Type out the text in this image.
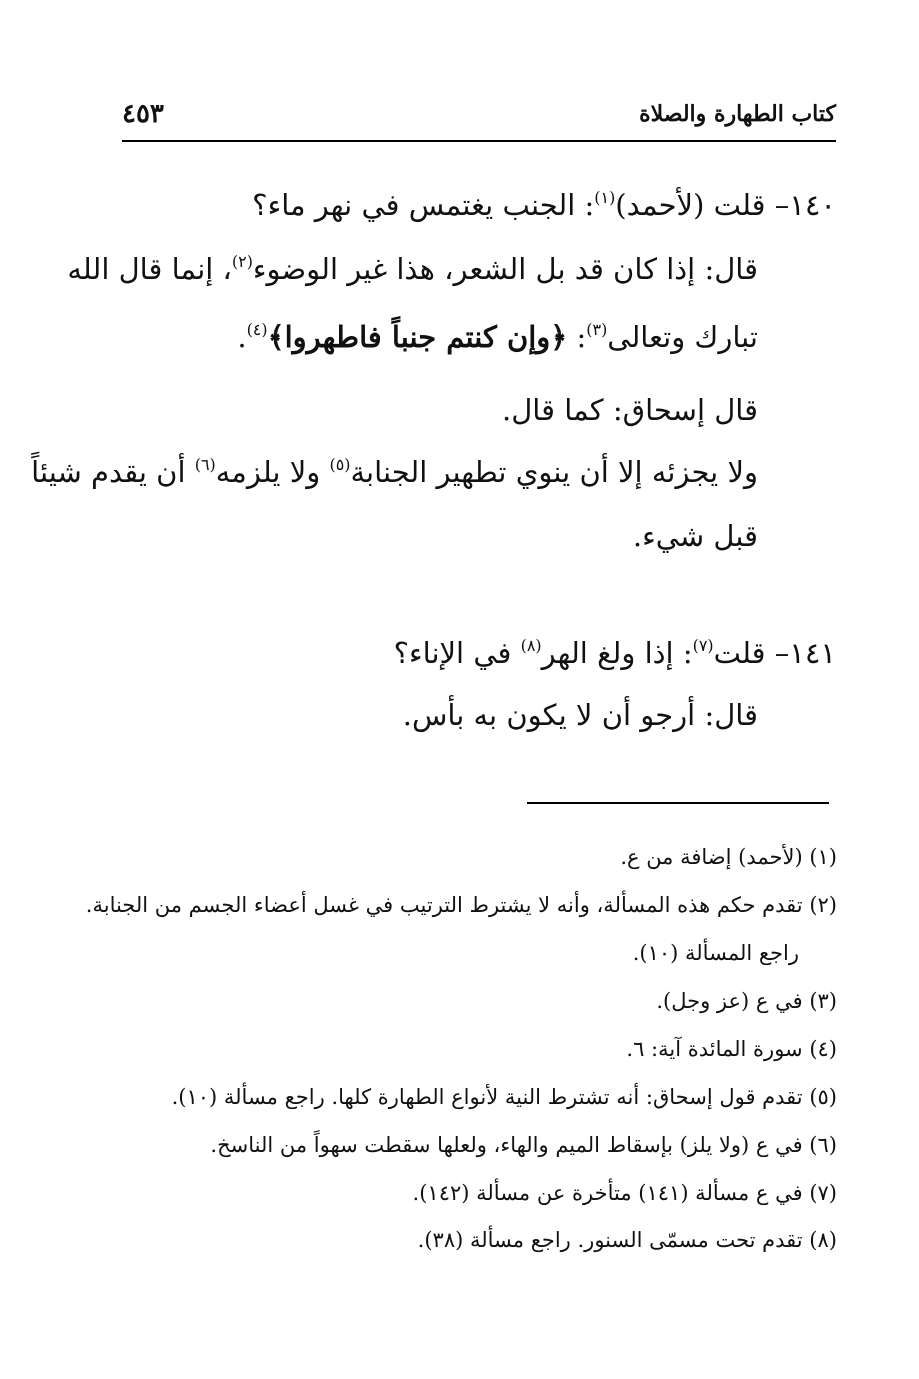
كتاب الطهارة والصلاة
٤٥٣
١٤٠– قلت (لأحمد)$^{(١)}$: الجنب يغتمس في نهر ماء؟
قال: إذا كان قد بل الشعر، هذا غير الوضوء$^{(٢)}$، إنما قال الله
تبارك وتعالى$^{(٣)}$: ﴿وإن كنتم جنباً فاطهروا﴾$^{(٤)}$.
قال إسحاق: كما قال.
ولا يجزئه إلا أن ينوي تطهير الجنابة$^{(٥)}$ ولا يلزمه$^{(٦)}$ أن يقدم شيئاً
قبل شيء.
١٤١– قلت$^{(٧)}$: إذا ولغ الهر$^{(٨)}$ في الإناء؟
قال: أرجو أن لا يكون به بأس.
(١) (لأحمد) إضافة من ع.
(٢) تقدم حكم هذه المسألة، وأنه لا يشترط الترتيب في غسل أعضاء الجسم من الجنابة.
راجع المسألة (١٠).
(٣) في ع (عز وجل).
(٤) سورة المائدة آية: ٦.
(٥) تقدم قول إسحاق: أنه تشترط النية لأنواع الطهارة كلها. راجع مسألة (١٠).
(٦) في ع (ولا يلز) بإسقاط الميم والهاء، ولعلها سقطت سهواً من الناسخ.
(٧) في ع مسألة (١٤١) متأخرة عن مسألة (١٤٢).
(٨) تقدم تحت مسمّى السنور. راجع مسألة (٣٨).
